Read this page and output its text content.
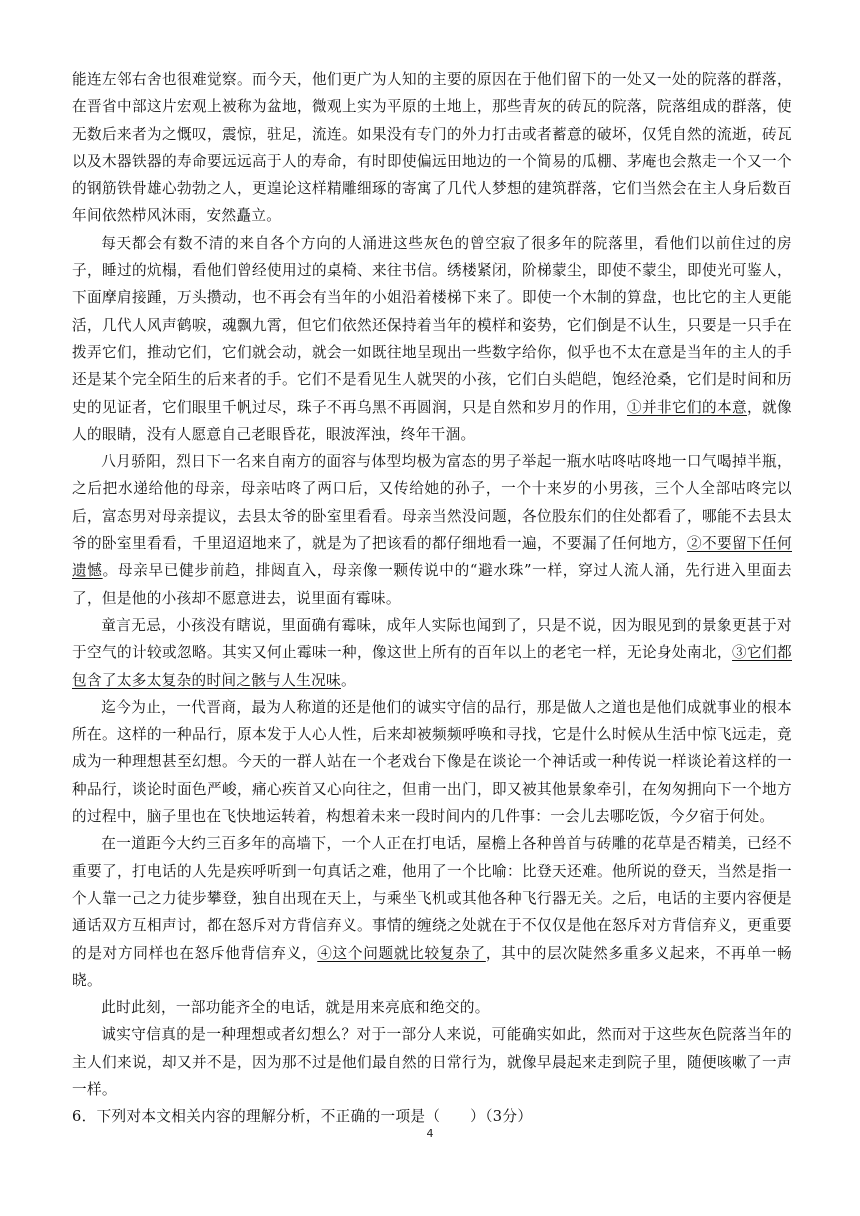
能连左邻右舍也很难觉察。而今天，他们更广为人知的主要的原因在于他们留下的一处又一处的院落的群落，在晋省中部这片宏观上被称为盆地，微观上实为平原的土地上，那些青灰的砖瓦的院落，院落组成的群落，使无数后来者为之慨叹，震惊，驻足，流连。如果没有专门的外力打击或者蓄意的破坏，仅凭自然的流逝，砖瓦以及木器铁器的寿命要远远高于人的寿命，有时即使偏远田地边的一个简易的瓜棚、茅庵也会熬走一个又一个的钢筋铁骨雄心勃勃之人，更遑论这样精雕细琢的寄寓了几代人梦想的建筑群落，它们当然会在主人身后数百年间依然栉风沐雨，安然矗立。

每天都会有数不清的来自各个方向的人涌进这些灰色的曾空寂了很多年的院落里，看他们以前住过的房子，睡过的炕榻，看他们曾经使用过的桌椅、来往书信。绣楼紧闭，阶梯蒙尘，即使不蒙尘，即使光可鉴人，下面摩肩接踵，万头攒动，也不再会有当年的小姐沿着楼梯下来了。即使一个木制的算盘，也比它的主人更能活，几代人风声鹤唳，魂飘九霄，但它们依然还保持着当年的模样和姿势，它们倒是不认生，只要是一只手在拨弄它们，推动它们，它们就会动，就会一如既往地呈现出一些数字给你，似乎也不太在意是当年的主人的手还是某个完全陌生的后来者的手。它们不是看见生人就哭的小孩，它们白头皑皑，饱经沧桑，它们是时间和历史的见证者，它们眼里千帆过尽，珠子不再乌黑不再圆润，只是自然和岁月的作用，①并非它们的本意，就像人的眼睛，没有人愿意自己老眼昏花，眼波浑浊，终年干涸。

八月骄阳，烈日下一名来自南方的面容与体型均极为富态的男子举起一瓶水咕咚咕咚地一口气喝掉半瓶，之后把水递给他的母亲，母亲咕咚了两口后，又传给她的孙子，一个十来岁的小男孩，三个人全部咕咚完以后，富态男对母亲提议，去县太爷的卧室里看看。母亲当然没问题，各位股东们的住处都看了，哪能不去县太爷的卧室里看看，千里迢迢地来了，就是为了把该看的都仔细地看一遍，不要漏了任何地方，②不要留下任何遗憾。母亲早已健步前趋，排闼直入，母亲像一颗传说中的“避水珠”一样，穿过人流人涌，先行进入里面去了，但是他的小孩却不愿意进去，说里面有霉味。

童言无忌，小孩没有瞎说，里面确有霉味，成年人实际也闻到了，只是不说，因为眼见到的景象更甚于对于空气的计较或忽略。其实又何止霉味一种，像这世上所有的百年以上的老宅一样，无论身处南北，③它们都包含了太多太复杂的时间之骸与人生况味。

迄今为止，一代晋商，最为人称道的还是他们的诚实守信的品行，那是做人之道也是他们成就事业的根本所在。这样的一种品行，原本发于人心人性，后来却被频频呼唤和寻找，它是什么时候从生活中惊飞远走，竟成为一种理想甚至幻想。今天的一群人站在一个老戏台下像是在谈论一个神话或一种传说一样谈论着这样的一种品行，谈论时面色严峻，痛心疾首又心向往之，但甫一出门，即又被其他景象牵引，在匆匆拥向下一个地方的过程中，脑子里也在飞快地运转着，构想着未来一段时间内的几件事：一会儿去哪吃饭，今夕宿于何处。

在一道距今大约三百多年的高墙下，一个人正在打电话，屋檐上各种兽首与砖雕的花草是否精美，已经不重要了，打电话的人先是疾呼听到一句真话之难，他用了一个比喻：比登天还难。他所说的登天，当然是指一个人靠一己之力徒步攀登，独自出现在天上，与乘坐飞机或其他各种飞行器无关。之后，电话的主要内容便是通话双方互相声讨，都在怒斥对方背信弃义。事情的缠绕之处就在于不仅仅是他在怒斥对方背信弃义，更重要的是对方同样也在怒斥他背信弃义，④这个问题就比较复杂了，其中的层次陡然多重多义起来，不再单一畅晓。

此时此刻，一部功能齐全的电话，就是用来亮底和绝交的。

诚实守信真的是一种理想或者幻想么？对于一部分人来说，可能确实如此，然而对于这些灰色院落当年的主人们来说，却又并不是，因为那不过是他们最自然的日常行为，就像早晨起来走到院子里，随便咳嗽了一声一样。

6．下列对本文相关内容的理解分析，不正确的一项是（　　）（3分）

4
